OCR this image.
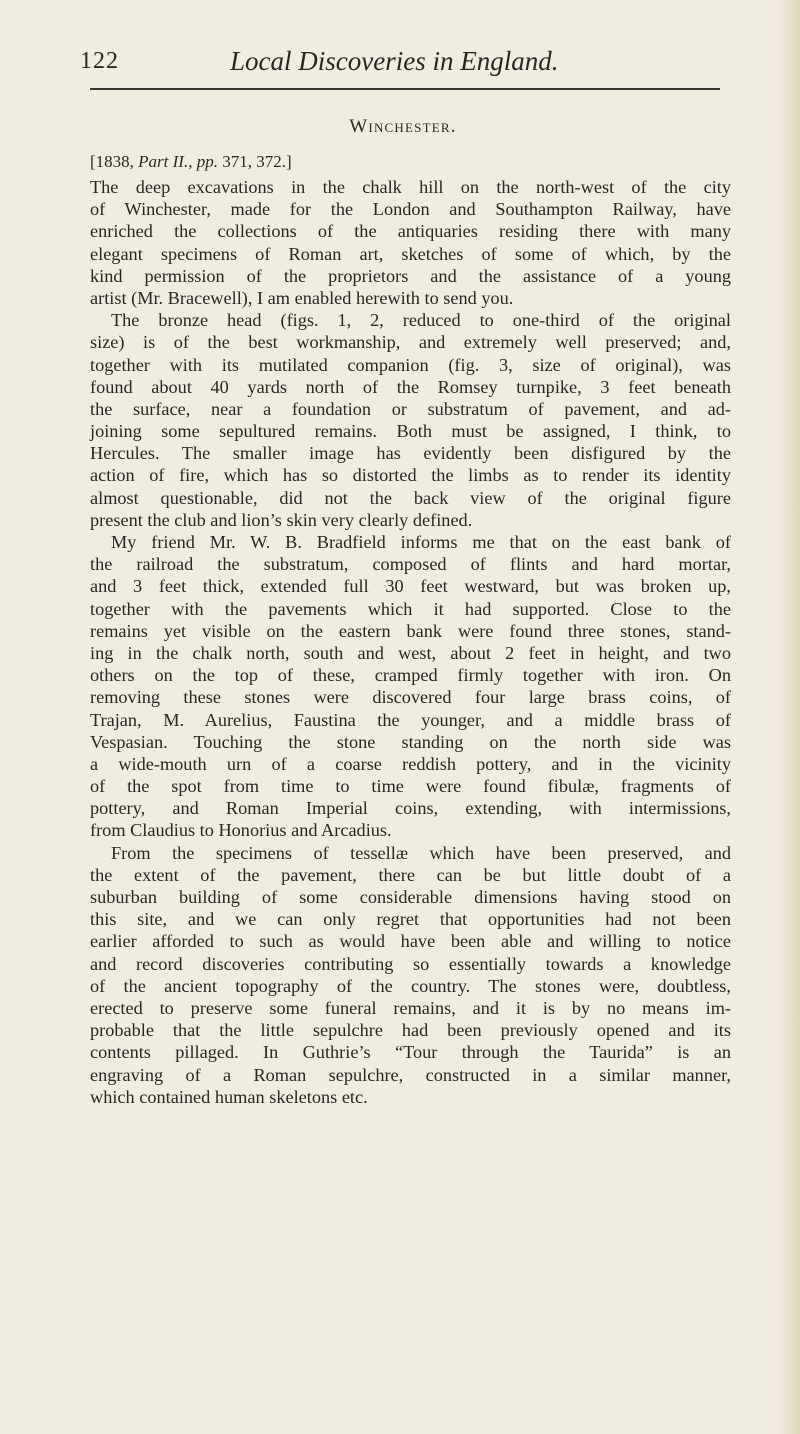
122	Local Discoveries in England.
Winchester.
[1838, Part II., pp. 371, 372.]
The deep excavations in the chalk hill on the north-west of the city
of Winchester, made for the London and Southampton Railway, have
enriched the collections of the antiquaries residing there with many
elegant specimens of Roman art, sketches of some of which, by the
kind permission of the proprietors and the assistance of a young
artist (Mr. Bracewell), I am enabled herewith to send you.
The bronze head (figs. 1, 2, reduced to one-third of the original
size) is of the best workmanship, and extremely well preserved; and,
together with its mutilated companion (fig. 3, size of original), was
found about 40 yards north of the Romsey turnpike, 3 feet beneath
the surface, near a foundation or substratum of pavement, and ad-
joining some sepultured remains. Both must be assigned, I think, to
Hercules. The smaller image has evidently been disfigured by the
action of fire, which has so distorted the limbs as to render its identity
almost questionable, did not the back view of the original figure
present the club and lion’s skin very clearly defined.
My friend Mr. W. B. Bradfield informs me that on the east bank of
the railroad the substratum, composed of flints and hard mortar,
and 3 feet thick, extended full 30 feet westward, but was broken up,
together with the pavements which it had supported. Close to the
remains yet visible on the eastern bank were found three stones, stand-
ing in the chalk north, south and west, about 2 feet in height, and two
others on the top of these, cramped firmly together with iron. On
removing these stones were discovered four large brass coins, of
Trajan, M. Aurelius, Faustina the younger, and a middle brass of
Vespasian. Touching the stone standing on the north side was
a wide-mouth urn of a coarse reddish pottery, and in the vicinity
of the spot from time to time were found fibulæ, fragments of
pottery, and Roman Imperial coins, extending, with intermissions,
from Claudius to Honorius and Arcadius.
From the specimens of tessellæ which have been preserved, and
the extent of the pavement, there can be but little doubt of a
suburban building of some considerable dimensions having stood on
this site, and we can only regret that opportunities had not been
earlier afforded to such as would have been able and willing to notice
and record discoveries contributing so essentially towards a knowledge
of the ancient topography of the country. The stones were, doubtless,
erected to preserve some funeral remains, and it is by no means im-
probable that the little sepulchre had been previously opened and its
contents pillaged. In Guthrie’s “Tour through the Taurida” is an
engraving of a Roman sepulchre, constructed in a similar manner,
which contained human skeletons etc.
